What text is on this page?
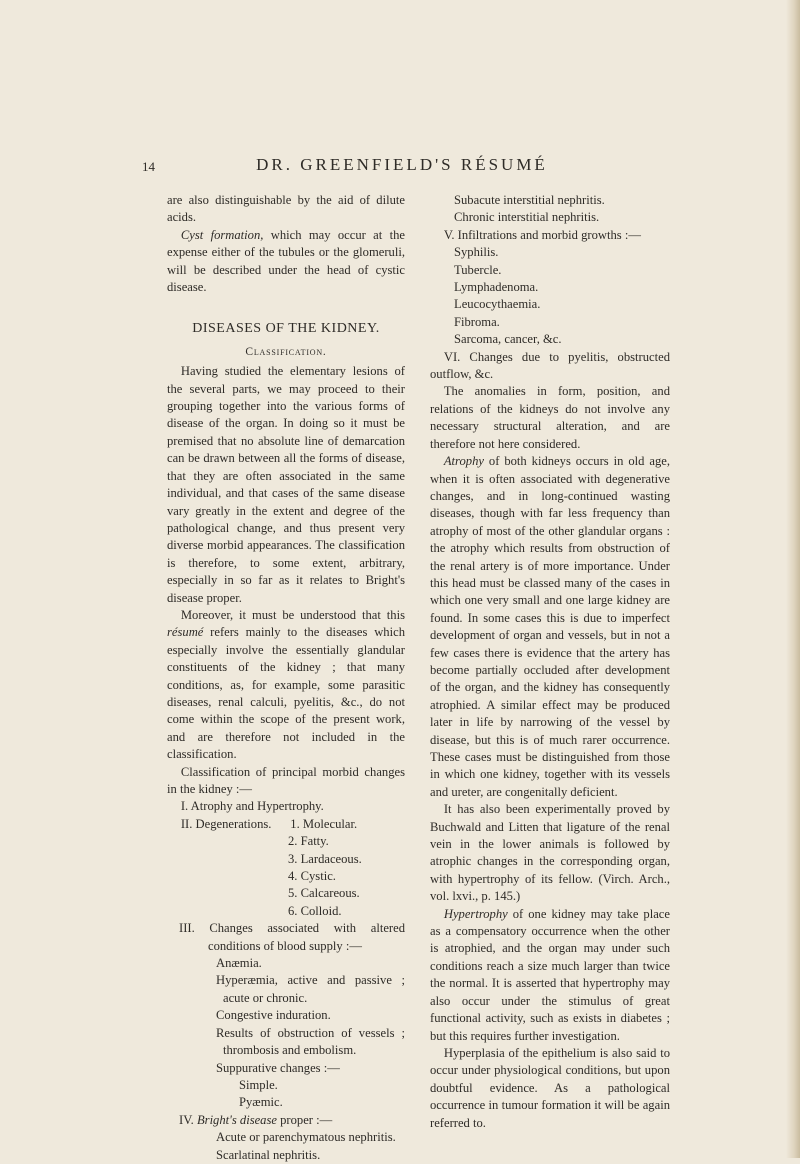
14	DR. GREENFIELD'S RÉSUMÉ

are also distinguishable by the aid of dilute acids.

Cyst formation, which may occur at the expense either of the tubules or the glomeruli, will be described under the head of cystic disease.

DISEASES OF THE KIDNEY.
Classification.

Having studied the elementary lesions of the several parts, we may proceed to their grouping together into the various forms of disease of the organ. In doing so it must be premised that no absolute line of demarcation can be drawn between all the forms of disease, that they are often associated in the same individual, and that cases of the same disease vary greatly in the extent and degree of the pathological change, and thus present very diverse morbid appearances. The classification is therefore, to some extent, arbitrary, especially in so far as it relates to Bright's disease proper.

Moreover, it must be understood that this résumé refers mainly to the diseases which especially involve the essentially glandular constituents of the kidney ; that many conditions, as, for example, some parasitic diseases, renal calculi, pyelitis, &c., do not come within the scope of the present work, and are therefore not included in the classification.

Classification of principal morbid changes in the kidney :—

I. Atrophy and Hypertrophy.

II. Degenerations.	1. Molecular.

2. Fatty.

3. Lardaceous.

4. Cystic.

5. Calcareous.

6. Colloid.

III. Changes associated with altered conditions of blood supply :—

Anæmia.

Hyperæmia, active and passive ; acute or chronic.

Congestive induration.

Results of obstruction of vessels ; thrombosis and embolism.

Suppurative changes :—

Simple.

Pyæmic.

IV. Bright's disease proper :—

Acute or parenchymatous nephritis.

Scarlatinal nephritis.

Subacute interstitial nephritis.

Chronic interstitial nephritis.

V. Infiltrations and morbid growths :—

Syphilis.

Tubercle.

Lymphadenoma.

Leucocythaemia.

Fibroma.

Sarcoma, cancer, &c.

VI. Changes due to pyelitis, obstructed outflow, &c.

The anomalies in form, position, and relations of the kidneys do not involve any necessary structural alteration, and are therefore not here considered.

Atrophy of both kidneys occurs in old age, when it is often associated with degenerative changes, and in long-continued wasting diseases, though with far less frequency than atrophy of most of the other glandular organs : the atrophy which results from obstruction of the renal artery is of more importance. Under this head must be classed many of the cases in which one very small and one large kidney are found. In some cases this is due to imperfect development of organ and vessels, but in not a few cases there is evidence that the artery has become partially occluded after development of the organ, and the kidney has consequently atrophied. A similar effect may be produced later in life by narrowing of the vessel by disease, but this is of much rarer occurrence. These cases must be distinguished from those in which one kidney, together with its vessels and ureter, are congenitally deficient.

It has also been experimentally proved by Buchwald and Litten that ligature of the renal vein in the lower animals is followed by atrophic changes in the corresponding organ, with hypertrophy of its fellow. (Virch. Arch., vol. lxvi., p. 145.)

Hypertrophy of one kidney may take place as a compensatory occurrence when the other is atrophied, and the organ may under such conditions reach a size much larger than twice the normal. It is asserted that hypertrophy may also occur under the stimulus of great functional activity, such as exists in diabetes ; but this requires further investigation.

Hyperplasia of the epithelium is also said to occur under physiological conditions, but upon doubtful evidence. As a pathological occurrence in tumour formation it will be again referred to.
